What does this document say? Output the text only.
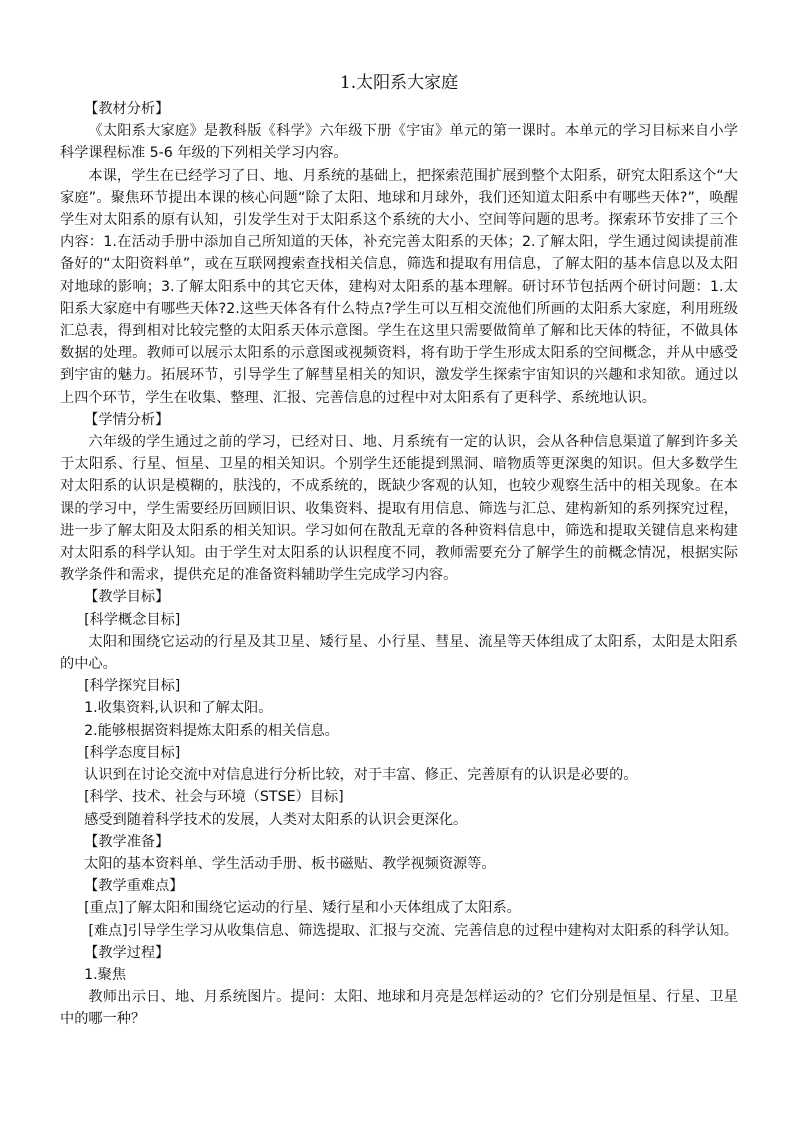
1.太阳系大家庭

【教材分析】

《太阳系大家庭》是教科版《科学》六年级下册《宇宙》单元的第一课时。本单元的学习目标来自小学科学课程标准 5-6 年级的下列相关学习内容。

本课，学生在已经学习了日、地、月系统的基础上，把探索范围扩展到整个太阳系，研究太阳系这个“大家庭”。聚焦环节提出本课的核心问题“除了太阳、地球和月球外，我们还知道太阳系中有哪些天体?”，唤醒学生对太阳系的原有认知，引发学生对于太阳系这个系统的大小、空间等问题的思考。探索环节安排了三个内容：1.在活动手册中添加自己所知道的天体，补充完善太阳系的天体；2.了解太阳，学生通过阅读提前准备好的“太阳资料单”，或在互联网搜索查找相关信息，筛选和提取有用信息，了解太阳的基本信息以及太阳对地球的影响；3.了解太阳系中的其它天体，建构对太阳系的基本理解。研讨环节包括两个研讨问题：1.太阳系大家庭中有哪些天体?2.这些天体各有什么特点?学生可以互相交流他们所画的太阳系大家庭，利用班级汇总表，得到相对比较完整的太阳系天体示意图。学生在这里只需要做简单了解和比天体的特征，不做具体数据的处理。教师可以展示太阳系的示意图或视频资料，将有助于学生形成太阳系的空间概念，并从中感受到宇宙的魅力。拓展环节，引导学生了解彗星相关的知识，激发学生探索宇宙知识的兴趣和求知欲。通过以上四个环节，学生在收集、整理、汇报、完善信息的过程中对太阳系有了更科学、系统地认识。

【学情分析】

六年级的学生通过之前的学习，已经对日、地、月系统有一定的认识，会从各种信息渠道了解到许多关于太阳系、行星、恒星、卫星的相关知识。个别学生还能提到黑洞、暗物质等更深奥的知识。但大多数学生对太阳系的认识是模糊的，肤浅的，不成系统的，既缺少客观的认知，也较少观察生活中的相关现象。在本课的学习中，学生需要经历回顾旧识、收集资料、提取有用信息、筛选与汇总、建构新知的系列探究过程，进一步了解太阳及太阳系的相关知识。学习如何在散乱无章的各种资料信息中，筛选和提取关键信息来构建对太阳系的科学认知。由于学生对太阳系的认识程度不同，教师需要充分了解学生的前概念情况，根据实际教学条件和需求，提供充足的准备资料辅助学生完成学习内容。

【教学目标】

[科学概念目标]

太阳和围绕它运动的行星及其卫星、矮行星、小行星、彗星、流星等天体组成了太阳系，太阳是太阳系的中心。

[科学探究目标]

1.收集资料,认识和了解太阳。

2.能够根据资料提炼太阳系的相关信息。

[科学态度目标]

认识到在讨论交流中对信息进行分析比较，对于丰富、修正、完善原有的认识是必要的。

[科学、技术、社会与环境（STSE）目标]

感受到随着科学技术的发展，人类对太阳系的认识会更深化。

【教学准备】

太阳的基本资料单、学生活动手册、板书磁贴、教学视频资源等。

【教学重难点】

[重点]了解太阳和围绕它运动的行星、矮行星和小天体组成了太阳系。

[难点]引导学生学习从收集信息、筛选提取、汇报与交流、完善信息的过程中建构对太阳系的科学认知。

【教学过程】

1.聚焦

教师出示日、地、月系统图片。提问：太阳、地球和月亮是怎样运动的？它们分别是恒星、行星、卫星中的哪一种？
